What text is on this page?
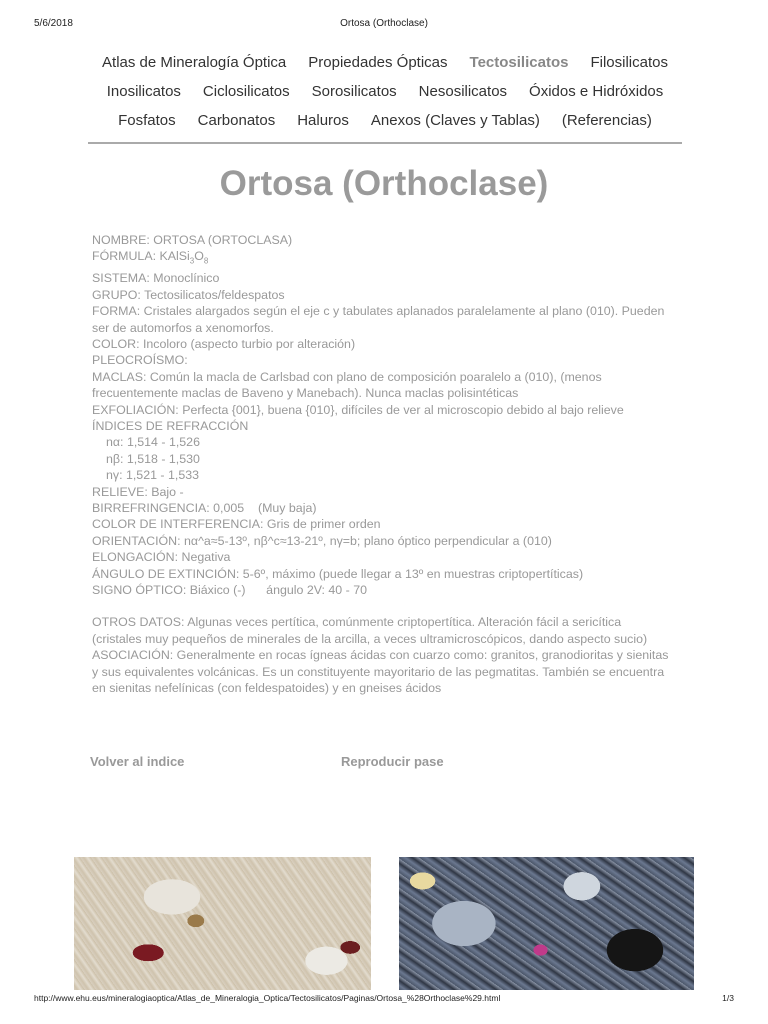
5/6/2018	Ortosa (Orthoclase)
Atlas de Mineralogía Óptica Propiedades Ópticas Tectosilicatos Filosilicatos
Inosilicatos Ciclosilicatos Sorosilicatos Nesosilicatos Óxidos e Hidróxidos
Fosfatos Carbonatos Haluros Anexos (Claves y Tablas) (Referencias)
Ortosa (Orthoclase)

NOMBRE: ORTOSA (ORTOCLASA)

FÓRMULA: $KAlSi_3O_8$

SISTEMA: Monoclínico

GRUPO: Tectosilicatos/feldespatos

FORMA: Cristales alargados según el eje c y tabulates aplanados paralelamente al plano (010). Pueden ser de automorfos a xenomorfos.

COLOR: Incoloro (aspecto turbio por alteración)

PLEOCROÍSMO:

MACLAS: Común la macla de Carlsbad con plano de composición poaralelo a (010), (menos frecuentemente maclas de Baveno y Manebach). Nunca maclas polisintéticas

EXFOLIACIÓN: Perfecta {001}, buena {010}, difíciles de ver al microscopio debido al bajo relieve

ÍNDICES DE REFRACCIÓN

nα: 1,514 - 1,526

nβ: 1,518 - 1,530

nγ: 1,521 - 1,533

RELIEVE: Bajo -

BIRREFRINGENCIA: 0,005    (Muy baja)

COLOR DE INTERFERENCIA: Gris de primer orden

ORIENTACIÓN: nα^a≈5-13º, nβ^c≈13-21º, nγ=b; plano óptico perpendicular a (010)

ELONGACIÓN: Negativa

ÁNGULO DE EXTINCIÓN: 5-6º, máximo (puede llegar a 13º en muestras criptopertíticas)

SIGNO ÓPTICO: Biáxico (-)      ángulo 2V: 40 - 70

OTROS DATOS: Algunas veces pertítica, comúnmente criptopertítica. Alteración fácil a sericítica (cristales muy pequeños de minerales de la arcilla, a veces ultramicroscópicos, dando aspecto sucio)

ASOCIACIÓN: Generalmente en rocas ígneas ácidas con cuarzo como: granitos, granodioritas y sienitas y sus equivalentes volcánicas. Es un constituyente mayoritario de las pegmatitas. También se encuentra en sienitas nefelínicas (con feldespatoides) y en gneises ácidos

Volver al indice	Reproducir pase
http://www.ehu.eus/mineralogiaoptica/Atlas_de_Mineralogia_Optica/Tectosilicatos/Paginas/Ortosa_%28Orthoclase%29.html	1/3
